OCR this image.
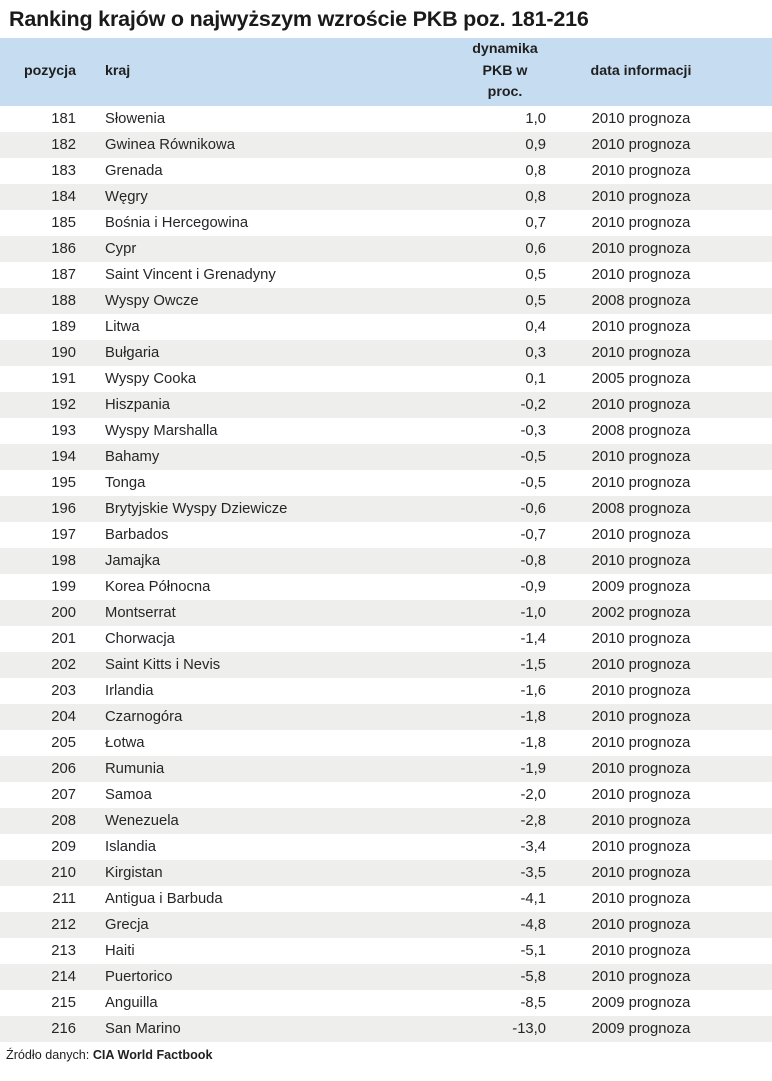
Ranking krajów o najwyższym wzroście PKB poz. 181-216
pozycja	kraj	dynamika
PKB w
proc.	data informacji
181	Słowenia	1,0	2010 prognoza
182	Gwinea Równikowa	0,9	2010 prognoza
183	Grenada	0,8	2010 prognoza
184	Węgry	0,8	2010 prognoza
185	Bośnia i Hercegowina	0,7	2010 prognoza
186	Cypr	0,6	2010 prognoza
187	Saint Vincent i Grenadyny	0,5	2010 prognoza
188	Wyspy Owcze	0,5	2008 prognoza
189	Litwa	0,4	2010 prognoza
190	Bułgaria	0,3	2010 prognoza
191	Wyspy Cooka	0,1	2005 prognoza
192	Hiszpania	-0,2	2010 prognoza
193	Wyspy Marshalla	-0,3	2008 prognoza
194	Bahamy	-0,5	2010 prognoza
195	Tonga	-0,5	2010 prognoza
196	Brytyjskie Wyspy Dziewicze	-0,6	2008 prognoza
197	Barbados	-0,7	2010 prognoza
198	Jamajka	-0,8	2010 prognoza
199	Korea Północna	-0,9	2009 prognoza
200	Montserrat	-1,0	2002 prognoza
201	Chorwacja	-1,4	2010 prognoza
202	Saint Kitts i Nevis	-1,5	2010 prognoza
203	Irlandia	-1,6	2010 prognoza
204	Czarnogóra	-1,8	2010 prognoza
205	Łotwa	-1,8	2010 prognoza
206	Rumunia	-1,9	2010 prognoza
207	Samoa	-2,0	2010 prognoza
208	Wenezuela	-2,8	2010 prognoza
209	Islandia	-3,4	2010 prognoza
210	Kirgistan	-3,5	2010 prognoza
211	Antigua i Barbuda	-4,1	2010 prognoza
212	Grecja	-4,8	2010 prognoza
213	Haiti	-5,1	2010 prognoza
214	Puertorico	-5,8	2010 prognoza
215	Anguilla	-8,5	2009 prognoza
216	San Marino	-13,0	2009 prognoza
Źródło danych: CIA World Factbook
